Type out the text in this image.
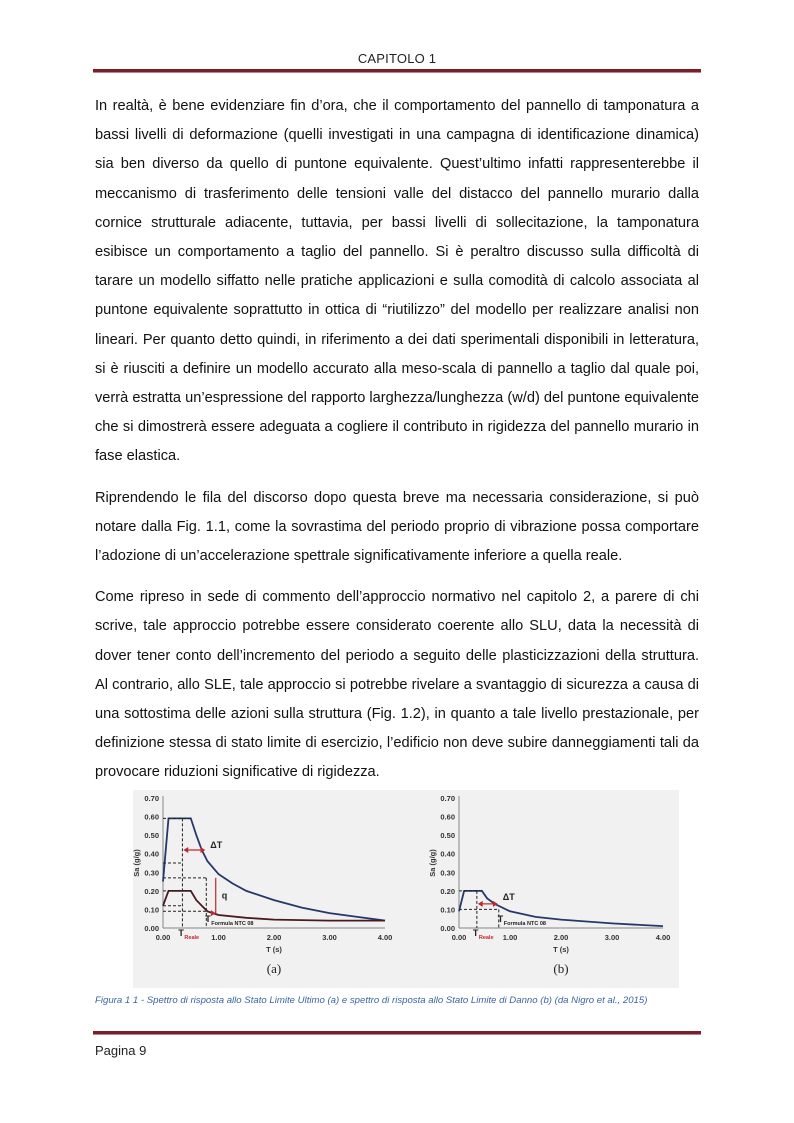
CAPITOLO 1

In realtà, è bene evidenziare fin d’ora, che il comportamento del pannello di tamponatura a bassi livelli di deformazione (quelli investigati in una campagna di identificazione dinamica) sia ben diverso da quello di puntone equivalente. Quest’ultimo infatti rappresenterebbe il meccanismo di trasferimento delle tensioni valle del distacco del pannello murario dalla cornice strutturale adiacente, tuttavia, per bassi livelli di sollecitazione, la tamponatura esibisce un comportamento a taglio del pannello. Si è peraltro discusso sulla difficoltà di tarare un modello siffatto nelle pratiche applicazioni e sulla comodità di calcolo associata al puntone equivalente soprattutto in ottica di “riutilizzo” del modello per realizzare analisi non lineari. Per quanto detto quindi, in riferimento a dei dati sperimentali disponibili in letteratura, si è riusciti a definire un modello accurato alla meso-scala di pannello a taglio dal quale poi, verrà estratta un’espressione del rapporto larghezza/lunghezza (w/d) del puntone equivalente che si dimostrerà essere adeguata a cogliere il contributo in rigidezza del pannello murario in fase elastica.

Riprendendo le fila del discorso dopo questa breve ma necessaria considerazione, si può notare dalla Fig. 1.1, come la sovrastima del periodo proprio di vibrazione possa comportare l’adozione di un’accelerazione spettrale significativamente inferiore a quella reale.

Come ripreso in sede di commento dell’approccio normativo nel capitolo 2, a parere di chi scrive, tale approccio potrebbe essere considerato coerente allo SLU, data la necessità di dover tener conto dell’incremento del periodo a seguito delle plasticizzazioni della struttura. Al contrario, allo SLE, tale approccio si potrebbe rivelare a svantaggio di sicurezza a causa di una sottostima delle azioni sulla struttura (Fig. 1.2), in quanto a tale livello prestazionale, per definizione stessa di stato limite di esercizio, l’edificio non deve subire danneggiamenti tali da provocare riduzioni significative di rigidezza.

0.00
0.10
0.20
0.30
0.40
0.50
0.60
0.70
0.00	1.00	2.00	3.00	4.00
T (s)
Sa (g/g)
(a)
ΔT
q
T Reale
T Formula NTC 08	0.00
0.10
0.20
0.30
0.40
0.50
0.60
0.70
0.00	1.00	2.00	3.00	4.00
T (s)
Sa (g/g)
(b)
ΔT
T Reale
T Formula NTC 08
Figura 1 1 - Spettro di risposta allo Stato Limite Ultimo (a) e spettro di risposta allo Stato Limite di Danno (b) (da Nigro et al., 2015)
Pagina 9
